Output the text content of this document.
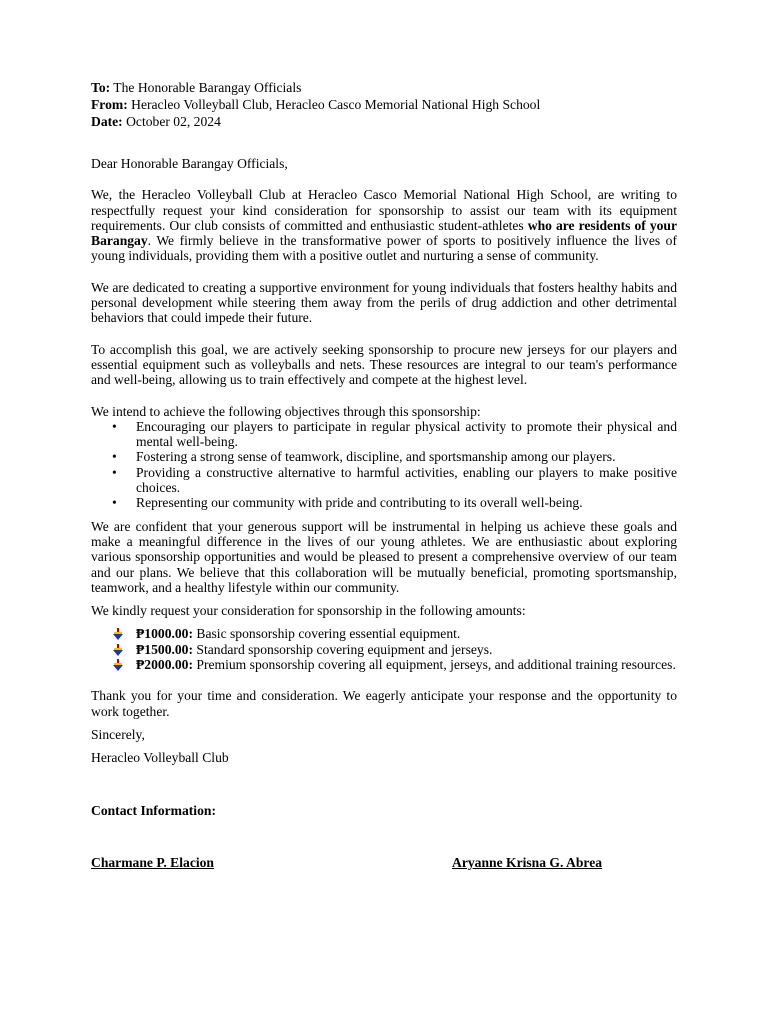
To: The Honorable Barangay Officials
From: Heracleo Volleyball Club, Heracleo Casco Memorial National High School
Date: October 02, 2024

Dear Honorable Barangay Officials,

We, the Heracleo Volleyball Club at Heracleo Casco Memorial National High School, are writing to respectfully request your kind consideration for sponsorship to assist our team with its equipment requirements. Our club consists of committed and enthusiastic student-athletes who are residents of your Barangay. We firmly believe in the transformative power of sports to positively influence the lives of young individuals, providing them with a positive outlet and nurturing a sense of community.

We are dedicated to creating a supportive environment for young individuals that fosters healthy habits and personal development while steering them away from the perils of drug addiction and other detrimental behaviors that could impede their future.

To accomplish this goal, we are actively seeking sponsorship to procure new jerseys for our players and essential equipment such as volleyballs and nets. These resources are integral to our team's performance and well-being, allowing us to train effectively and compete at the highest level.

We intend to achieve the following objectives through this sponsorship:

• Encouraging our players to participate in regular physical activity to promote their physical and mental well-being.
• Fostering a strong sense of teamwork, discipline, and sportsmanship among our players.
• Providing a constructive alternative to harmful activities, enabling our players to make positive choices.
• Representing our community with pride and contributing to its overall well-being.

We are confident that your generous support will be instrumental in helping us achieve these goals and make a meaningful difference in the lives of our young athletes. We are enthusiastic about exploring various sponsorship opportunities and would be pleased to present a comprehensive overview of our team and our plans. We believe that this collaboration will be mutually beneficial, promoting sportsmanship, teamwork, and a healthy lifestyle within our community.

We kindly request your consideration for sponsorship in the following amounts:

₱1000.00: Basic sponsorship covering essential equipment.
₱1500.00: Standard sponsorship covering equipment and jerseys.
₱2000.00: Premium sponsorship covering all equipment, jerseys, and additional training resources.

Thank you for your time and consideration. We eagerly anticipate your response and the opportunity to work together.

Sincerely,

Heracleo Volleyball Club

Contact Information:

Charmane P. Elacion	Aryanne Krisna G. Abrea
